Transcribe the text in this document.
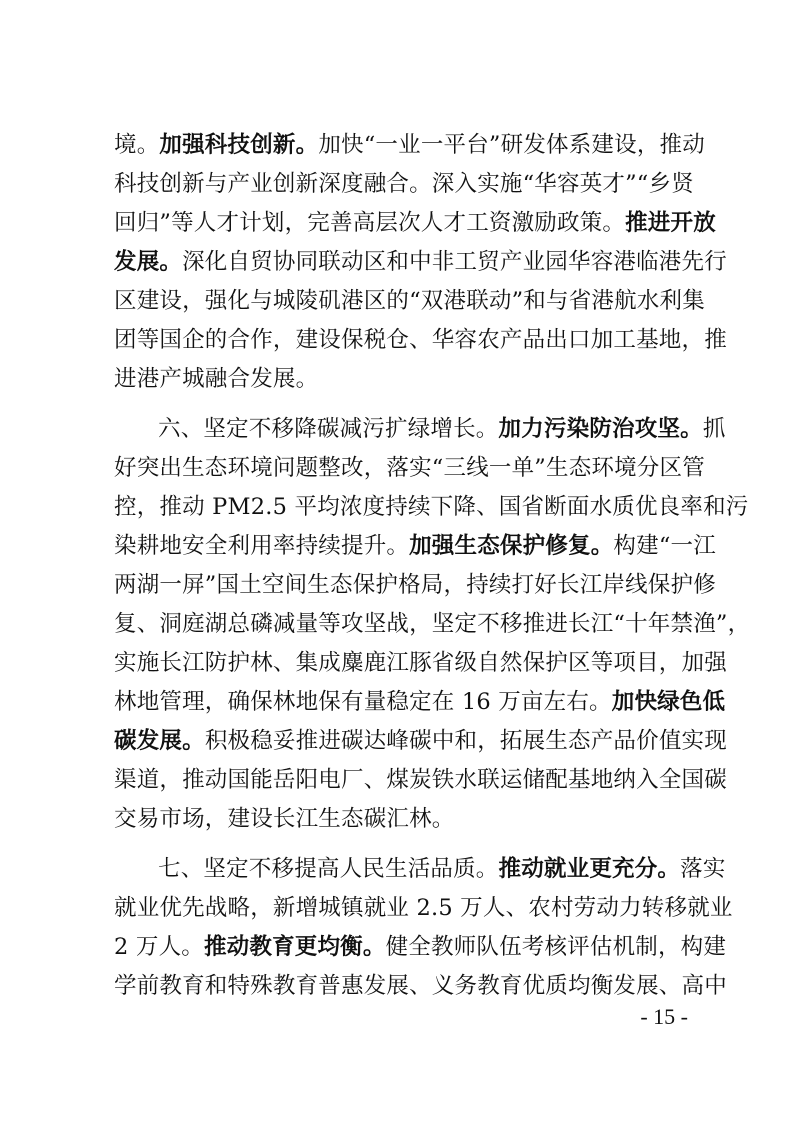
境。加强科技创新。加快“一业一平台”研发体系建设，推动
科技创新与产业创新深度融合。深入实施“华容英才”“乡贤
回归”等人才计划，完善高层次人才工资激励政策。推进开放
发展。深化自贸协同联动区和中非工贸产业园华容港临港先行
区建设，强化与城陵矶港区的“双港联动”和与省港航水利集
团等国企的合作，建设保税仓、华容农产品出口加工基地，推
进港产城融合发展。
六、坚定不移降碳减污扩绿增长。加力污染防治攻坚。抓
好突出生态环境问题整改，落实“三线一单”生态环境分区管
控，推动 PM2.5 平均浓度持续下降、国省断面水质优良率和污
染耕地安全利用率持续提升。加强生态保护修复。构建“一江
两湖一屏”国土空间生态保护格局，持续打好长江岸线保护修
复、洞庭湖总磷减量等攻坚战，坚定不移推进长江“十年禁渔”，
实施长江防护林、集成麋鹿江豚省级自然保护区等项目，加强
林地管理，确保林地保有量稳定在 16 万亩左右。加快绿色低
碳发展。积极稳妥推进碳达峰碳中和，拓展生态产品价值实现
渠道，推动国能岳阳电厂、煤炭铁水联运储配基地纳入全国碳
交易市场，建设长江生态碳汇林。
七、坚定不移提高人民生活品质。推动就业更充分。落实
就业优先战略，新增城镇就业 2.5 万人、农村劳动力转移就业
2 万人。推动教育更均衡。健全教师队伍考核评估机制，构建
学前教育和特殊教育普惠发展、义务教育优质均衡发展、高中
- 15 -
